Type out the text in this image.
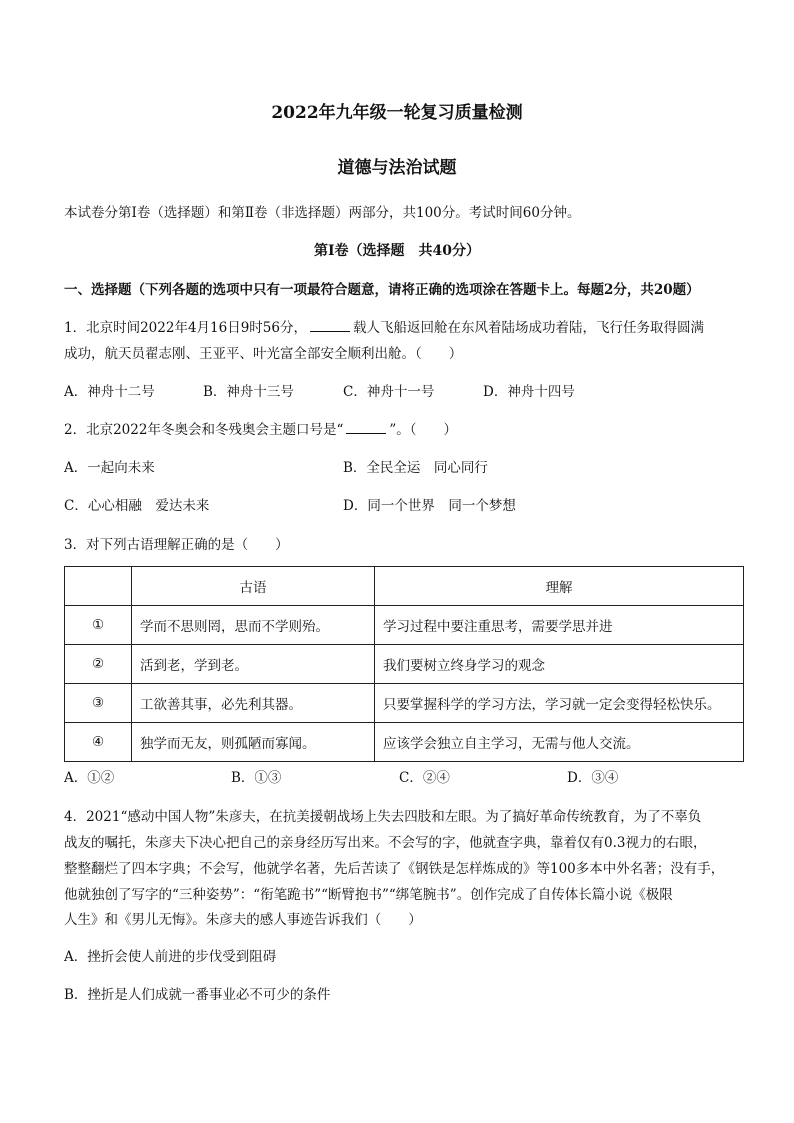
2022年九年级一轮复习质量检测
道德与法治试题
本试卷分第Ⅰ卷（选择题）和第Ⅱ卷（非选择题）两部分，共100分。考试时间60分钟。
第Ⅰ卷（选择题　共40分）
一、选择题（下列各题的选项中只有一项最符合题意，请将正确的选项涂在答题卡上。每题2分，共20题）
1．北京时间2022年4月16日9时56分，	载人飞船返回舱在东风着陆场成功着陆，飞行任务取得圆满
成功，航天员翟志刚、王亚平、叶光富全部安全顺利出舱。（　　）
A．神舟十二号	B．神舟十三号	C．神舟十一号	D．神舟十四号
2．北京2022年冬奥会和冬残奥会主题口号是“	”。（　　）
A．一起向未来	B．全民全运　同心同行
C．心心相融　爱达未来	D．同一个世界　同一个梦想
3．对下列古语理解正确的是（　　）
	古语	理解
①	学而不思则罔，思而不学则殆。	学习过程中要注重思考，需要学思并进
②	活到老，学到老。	我们要树立终身学习的观念
③	工欲善其事，必先利其器。	只要掌握科学的学习方法，学习就一定会变得轻松快乐。
④	独学而无友，则孤陋而寡闻。	应该学会独立自主学习，无需与他人交流。
A．①②	B．①③	C．②④	D．③④
4．2021“感动中国人物”朱彦夫，在抗美援朝战场上失去四肢和左眼。为了搞好革命传统教育，为了不辜负
战友的嘱托，朱彦夫下决心把自己的亲身经历写出来。不会写的字，他就查字典，靠着仅有0.3视力的右眼，
整整翻烂了四本字典；不会写，他就学名著，先后苦读了《钢铁是怎样炼成的》等100多本中外名著；没有手，
他就独创了写字的“三种姿势”：“衔笔跪书”“断臂抱书”“绑笔腕书”。创作完成了自传体长篇小说《极限
人生》和《男儿无悔》。朱彦夫的感人事迹告诉我们（　　）
A．挫折会使人前进的步伐受到阻碍
B．挫折是人们成就一番事业必不可少的条件
